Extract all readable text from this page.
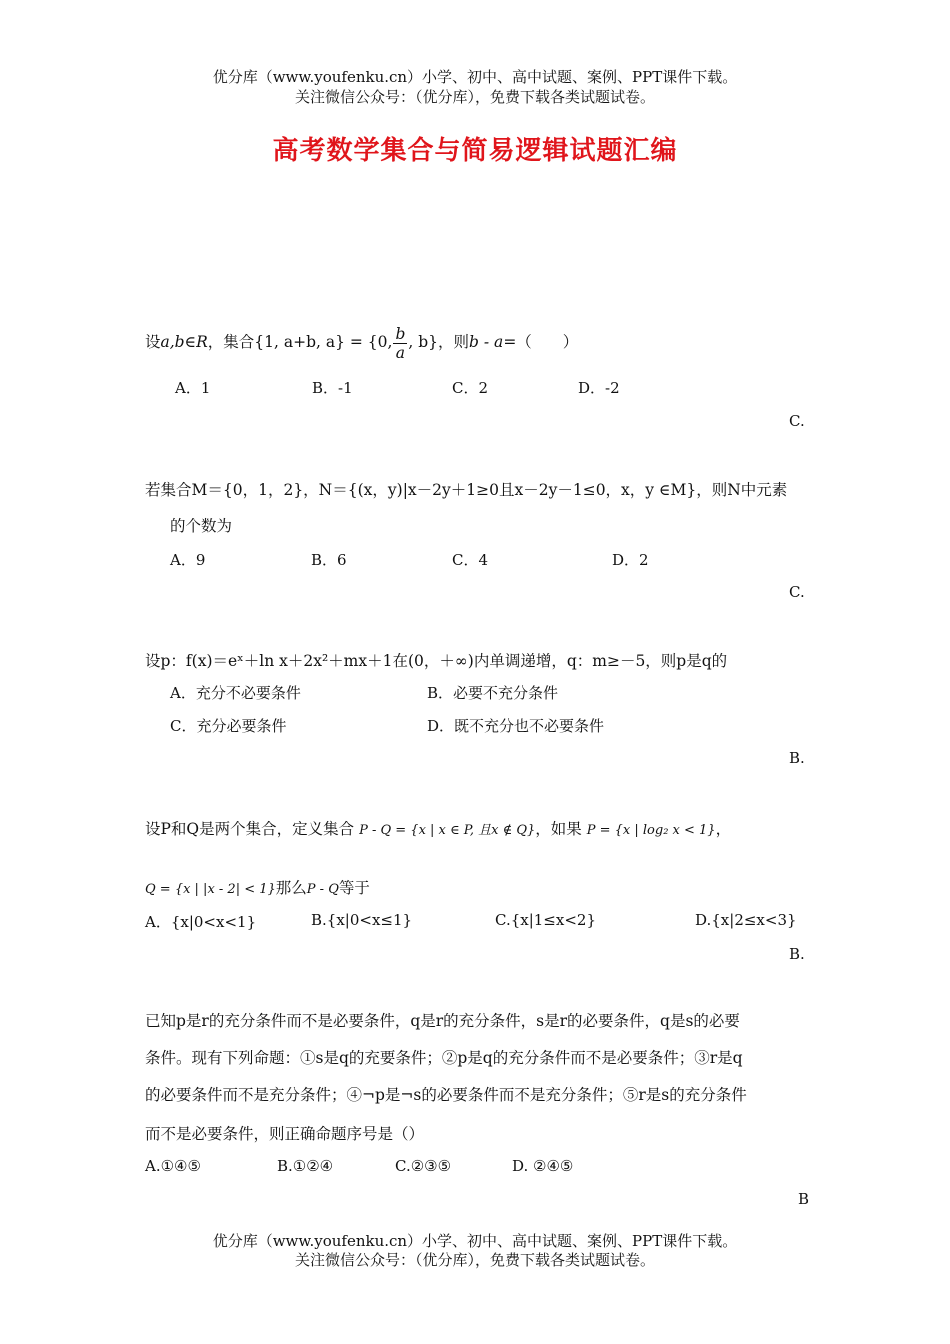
优分库（www.youfenku.cn）小学、初中、高中试题、案例、PPT课件下载。
关注微信公众号：（优分库），免费下载各类试题试卷。
高考数学集合与简易逻辑试题汇编
设a,b∈R，集合{1, a+b, a} = {0, $\frac{b}{a}$ , b}，则b - a=（　　）
A．1	B．-1	C．2	D．-2
C.
若集合M＝{0，1，2}，N＝{(x，y)|x－2y＋1≥0且x－2y－1≤0，x，y ∈M}，则N中元素
的个数为
A．9	B．6	C．4	D．2
C.
设p：f(x)＝eˣ＋ln x＋2x²＋mx＋1在(0，＋∞)内单调递增，q：m≥－5，则p是q的
A．充分不必要条件	B．必要不充分条件
C．充分必要条件	D．既不充分也不必要条件
B.
设P和Q是两个集合，定义集合 P - Q = {x | x ∈ P, 且x ∉ Q}，如果 P = {x | log₂ x < 1}，
Q = {x | |x - 2| < 1}那么P - Q等于
A．{x|0<x<1}	B.{x|0<x≤1}	C.{x|1≤x<2}	D.{x|2≤x<3}
B.
已知p是r的充分条件而不是必要条件，q是r的充分条件，s是r的必要条件，q是s的必要
条件。现有下列命题：①s是q的充要条件；②p是q的充分条件而不是必要条件；③r是q
的必要条件而不是充分条件；④¬p是¬s的必要条件而不是充分条件；⑤r是s的充分条件
而不是必要条件，则正确命题序号是（）
A.①④⑤	B.①②④	C.②③⑤	D. ②④⑤
B
优分库（www.youfenku.cn）小学、初中、高中试题、案例、PPT课件下载。
关注微信公众号：（优分库），免费下载各类试题试卷。
